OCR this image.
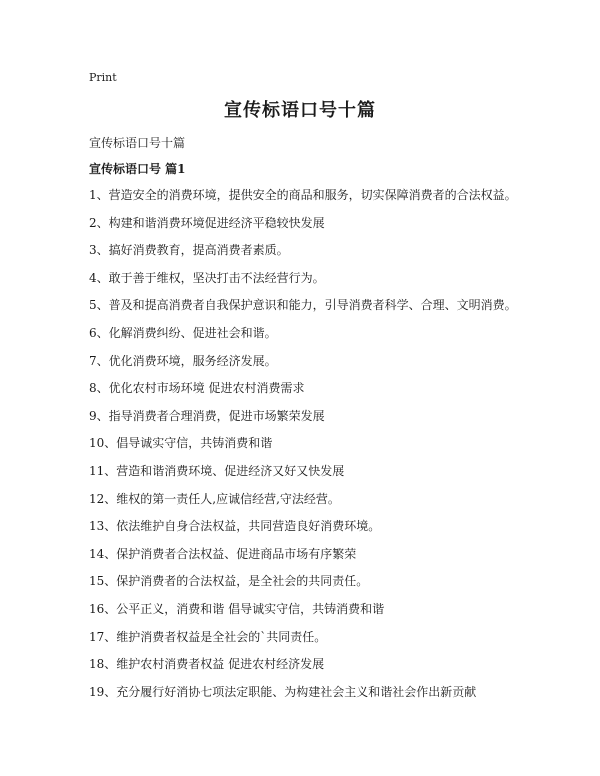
Print
宣传标语口号十篇
宣传标语口号十篇
宣传标语口号 篇1
1、营造安全的消费环境，提供安全的商品和服务，切实保障消费者的合法权益。
2、构建和谐消费环境促进经济平稳较快发展
3、搞好消费教育，提高消费者素质。
4、敢于善于维权，坚决打击不法经营行为。
5、普及和提高消费者自我保护意识和能力，引导消费者科学、合理、文明消费。
6、化解消费纠纷、促进社会和谐。
7、优化消费环境，服务经济发展。
8、优化农村市场环境 促进农村消费需求
9、指导消费者合理消费，促进市场繁荣发展
10、倡导诚实守信，共铸消费和谐
11、营造和谐消费环境、促进经济又好又快发展
12、维权的第一责任人,应诚信经营,守法经营。
13、依法维护自身合法权益，共同营造良好消费环境。
14、保护消费者合法权益、促进商品市场有序繁荣
15、保护消费者的合法权益，是全社会的共同责任。
16、公平正义，消费和谐 倡导诚实守信，共铸消费和谐
17、维护消费者权益是全社会的`共同责任。
18、维护农村消费者权益 促进农村经济发展
19、充分履行好消协七项法定职能、为构建社会主义和谐社会作出新贡献
